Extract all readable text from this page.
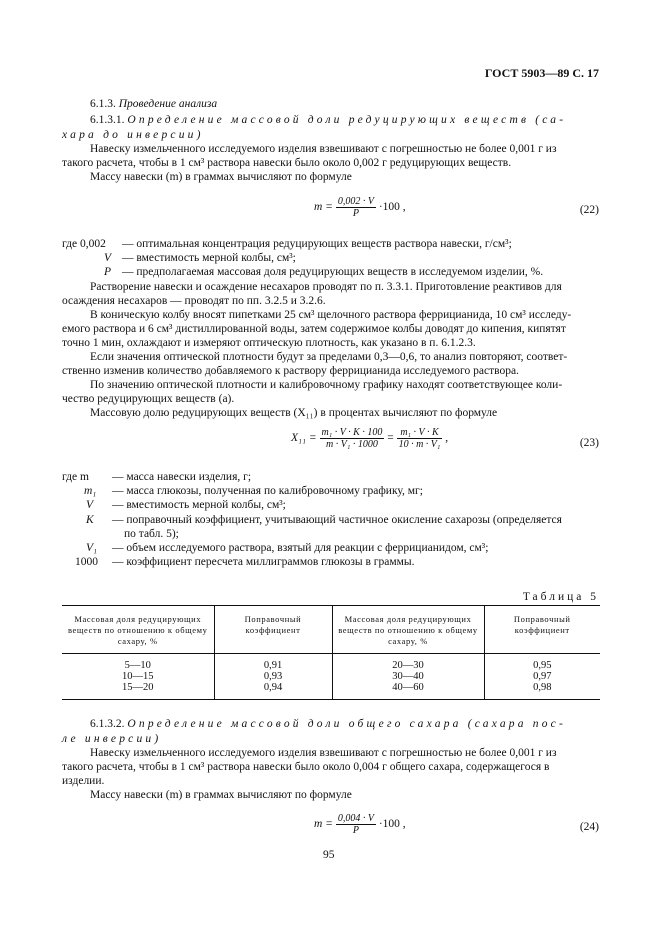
ГОСТ 5903—89 С. 17
6.1.3. Проведение анализа
6.1.3.1. Определение массовой доли редуцирующих веществ (са-
хара до инверсии)
Навеску измельченного исследуемого изделия взвешивают с погрешностью не более 0,001 г из
такого расчета, чтобы в 1 см³ раствора навески было около 0,002 г редуцирующих веществ.
Массу навески (m) в граммах вычисляют по формуле
$m = \frac{0,002 \cdot V}{P} \cdot 100$ ,	(22)
где 0,002 — оптимальная концентрация редуцирующих веществ раствора навески, г/см³;
V — вместимость мерной колбы, см³;
P — предполагаемая массовая доля редуцирующих веществ в исследуемом изделии, %.
Растворение навески и осаждение несахаров проводят по п. 3.3.1. Приготовление реактивов для
осаждения несахаров — проводят по пп. 3.2.5 и 3.2.6.
В коническую колбу вносят пипетками 25 см³ щелочного раствора феррицианида, 10 см³ исследу-
емого раствора и 6 см³ дистиллированной воды, затем содержимое колбы доводят до кипения, кипятят
точно 1 мин, охлаждают и измеряют оптическую плотность, как указано в п. 6.1.2.3.
Если значения оптической плотности будут за пределами 0,3—0,6, то анализ повторяют, соответ-
ственно изменив количество добавляемого к раствору феррицианида исследуемого раствора.
По значению оптической плотности и калибровочному графику находят соответствующее коли-
чество редуцирующих веществ (a).
Массовую долю редуцирующих веществ (X₁₁) в процентах вычисляют по формуле
$X_{11} = \frac{\text{m₁ · V · K · 100}}{\text{m · V₁ · 1000}} = \frac{\text{m₁ · V · K}}{\text{10 · m · V₁}}$ ,	(23)
где m — масса навески изделия, г;
m₁ — масса глюкозы, полученная по калибровочному графику, мг;
V — вместимость мерной колбы, см³;
K — поправочный коэффициент, учитывающий частичное окисление сахарозы (определяется
по табл. 5);
V₁ — объем исследуемого раствора, взятый для реакции с феррицианидом, см³;
1000 — коэффициент пересчета миллиграммов глюкозы в граммы.
Таблица 5
Массовая доля редуцирующих веществ по отношению к общему сахару, %	Поправочный коэффициент	Массовая доля редуцирующих веществ по отношению к общему сахару, %	Поправочный коэффициент
5—10	0,91	20—30	0,95
10—15	0,93	30—40	0,97
15—20	0,94	40—60	0,98
6.1.3.2. Определение массовой доли общего сахара (сахара пос-
ле инверсии)
Навеску измельченного исследуемого изделия взвешивают с погрешностью не более 0,001 г из
такого расчета, чтобы в 1 см³ раствора навески было около 0,004 г общего сахара, содержащегося в
изделии.
Массу навески (m) в граммах вычисляют по формуле
$m = \frac{0,004 \cdot V}{P} \cdot 100$ ,	(24)
95
